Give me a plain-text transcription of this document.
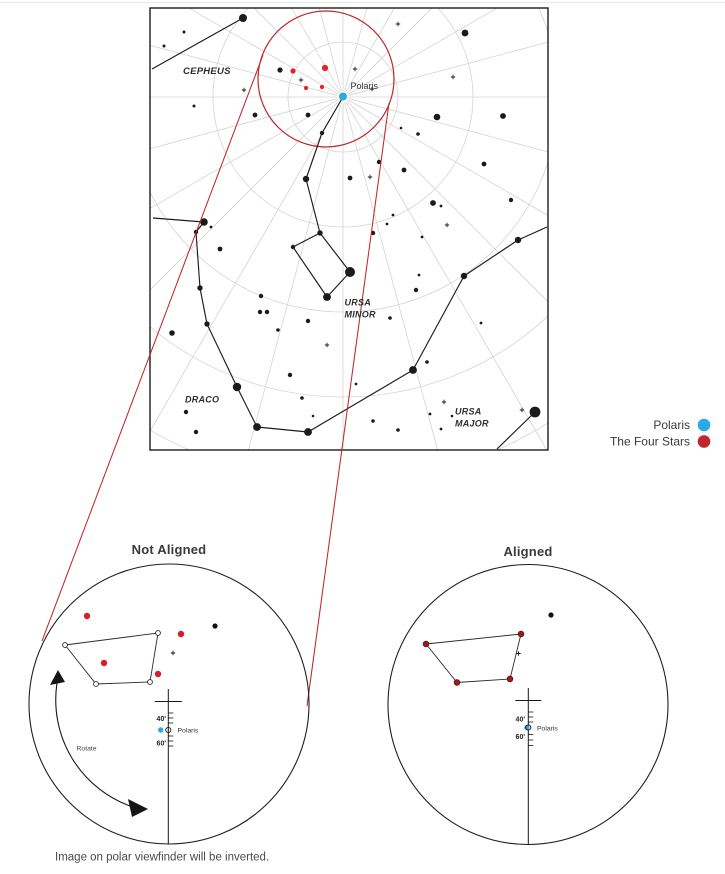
CEPHEUS
Polaris
URSA
MINOR
DRACO
URSA
MAJOR	Polaris
The Four Stars
Not Aligned	Aligned
40'
60'
Polaris
Rotate
40'
60'
Polaris
Image on polar viewfinder will be inverted.
